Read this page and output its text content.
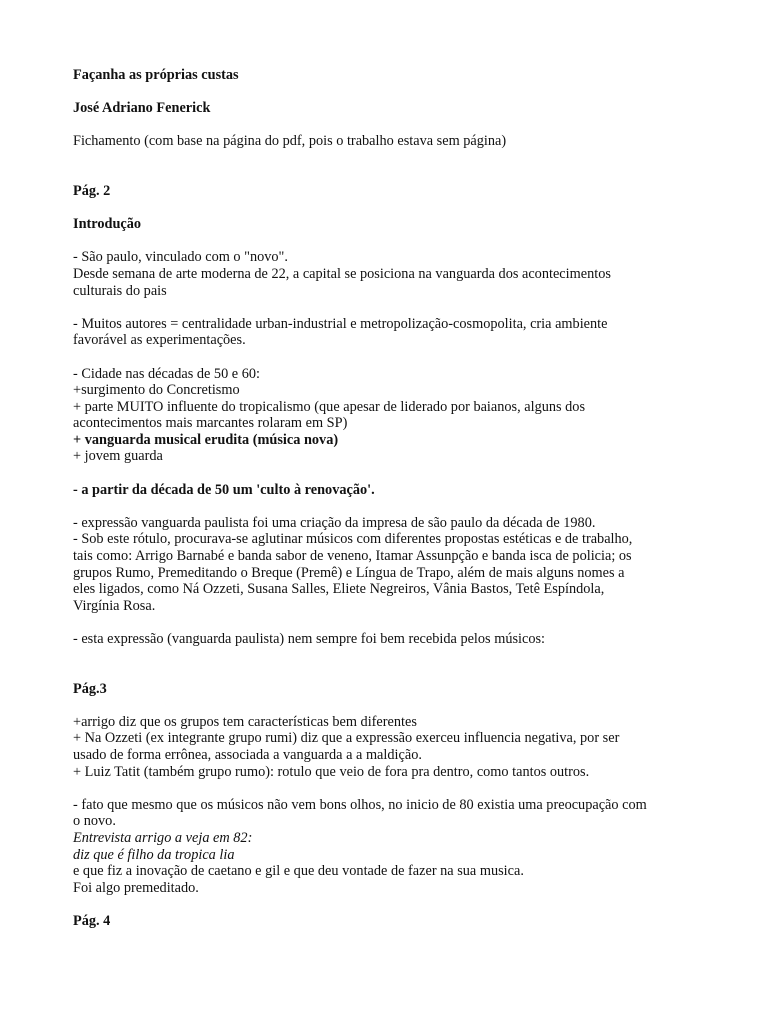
Façanha as próprias custas
José Adriano Fenerick
Fichamento (com base na página do pdf, pois o trabalho estava sem página)
Pág. 2
Introdução
- São paulo, vinculado com o "novo".
Desde semana de arte moderna de 22, a capital se posiciona na vanguarda dos acontecimentos
culturais do pais
- Muitos autores = centralidade urban-industrial e metropolização-cosmopolita, cria ambiente
favorável as experimentações.
- Cidade nas décadas de 50 e 60:
+surgimento do Concretismo
+ parte MUITO influente do tropicalismo (que apesar de liderado por baianos, alguns dos
acontecimentos mais marcantes rolaram em SP)
+ vanguarda musical erudita (música nova)
+ jovem guarda
- a partir da década de 50 um 'culto à renovação'.
- expressão vanguarda paulista foi uma criação da impresa de são paulo da década de 1980.
- Sob este rótulo, procurava-se aglutinar músicos com diferentes propostas estéticas e de trabalho,
tais como: Arrigo Barnabé e banda sabor de veneno, Itamar Assunpção e banda isca de policia; os
grupos Rumo, Premeditando o Breque (Premê) e Língua de Trapo, além de mais alguns nomes a
eles ligados, como Ná Ozzeti, Susana Salles, Eliete Negreiros, Vânia Bastos, Tetê Espíndola,
Virgínia Rosa.
- esta expressão (vanguarda paulista) nem sempre foi bem recebida pelos músicos:
Pág.3
+arrigo diz que os grupos tem características bem diferentes
+ Na Ozzeti (ex integrante grupo rumi) diz que a expressão exerceu influencia negativa, por ser
usado de forma errônea, associada a vanguarda a a maldição.
+ Luiz Tatit (também grupo rumo): rotulo que veio de fora pra dentro, como tantos outros.
- fato que mesmo que os músicos não vem bons olhos, no inicio de 80 existia uma preocupação com
o novo.
Entrevista arrigo a veja em 82:
diz que é filho da tropica lia
e que fiz a inovação de caetano e gil e que deu vontade de fazer na sua musica.
Foi algo premeditado.
Pág. 4
